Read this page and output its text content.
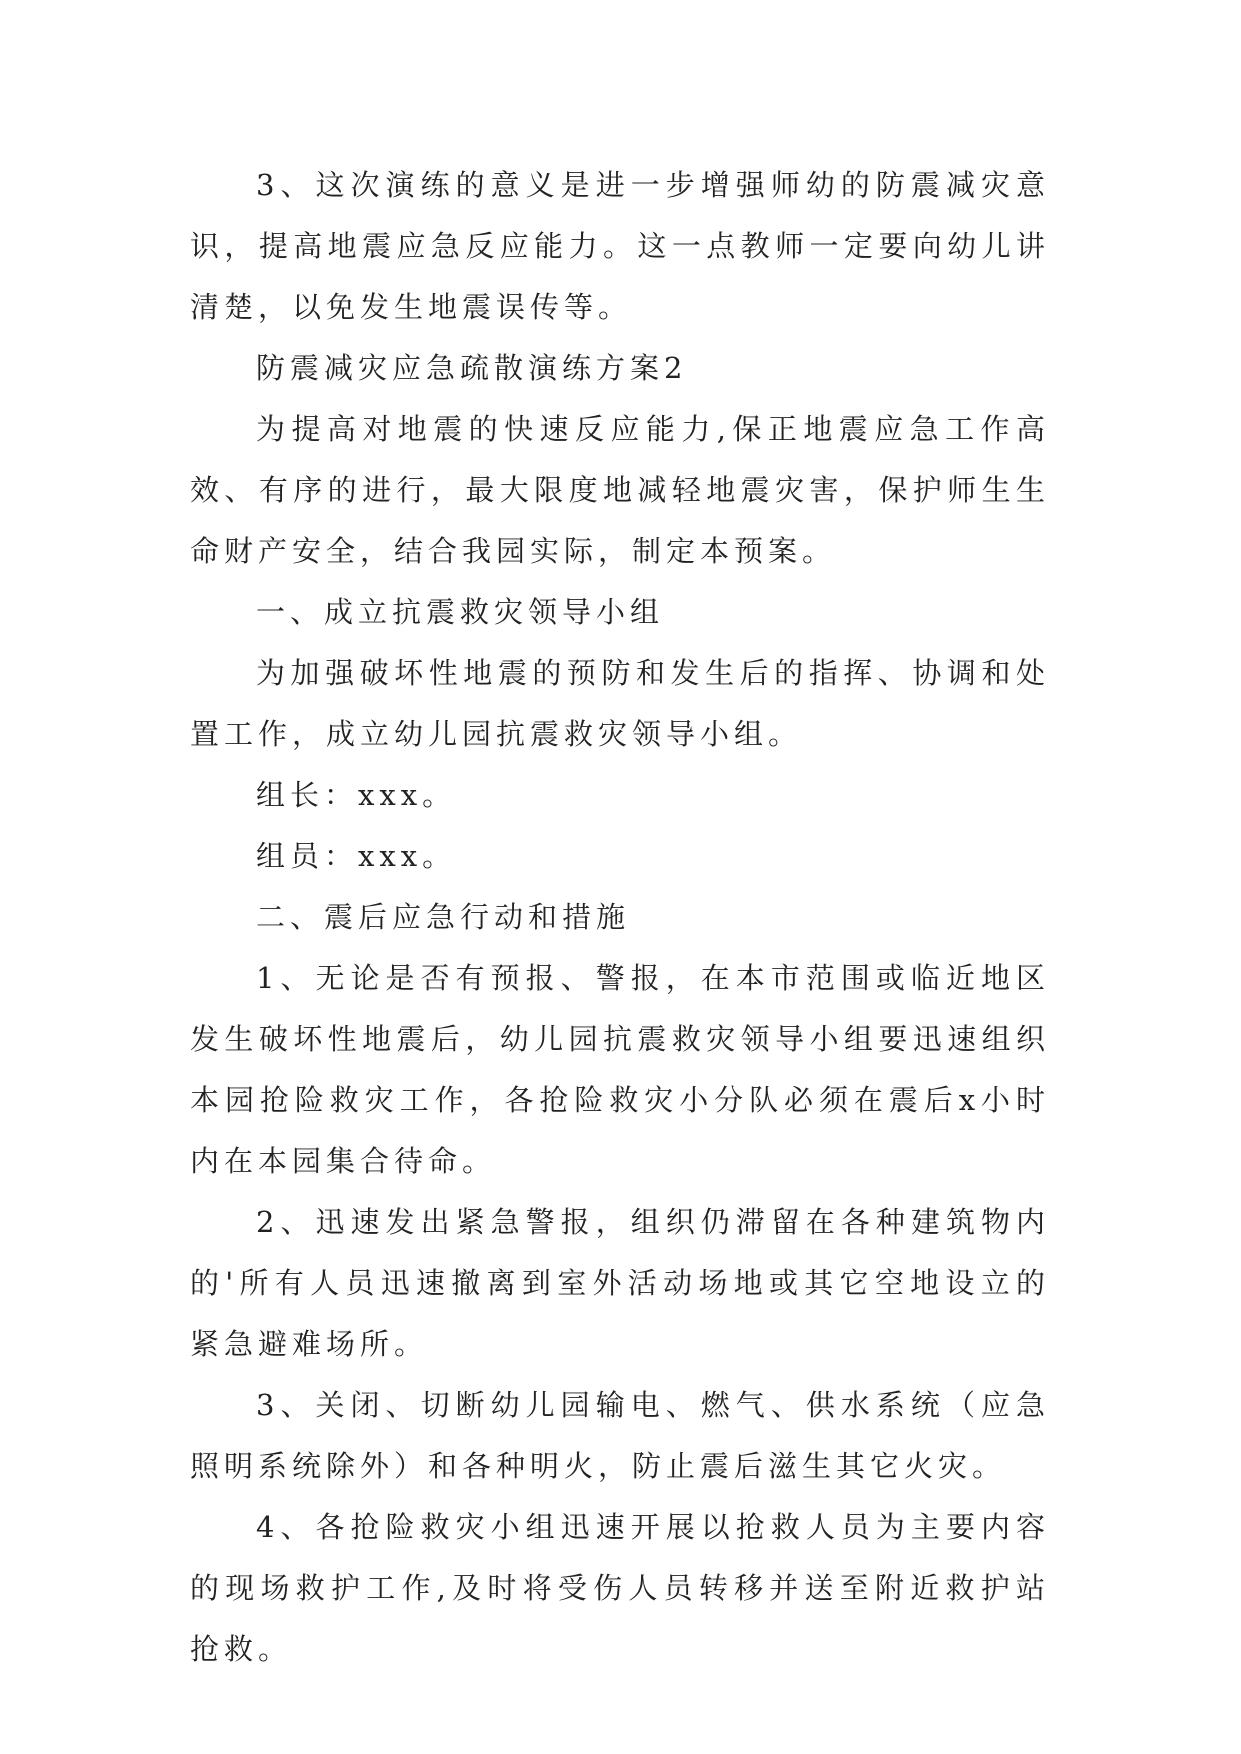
3、这次演练的意义是进一步增强师幼的防震减灾意识，提高地震应急反应能力。这一点教师一定要向幼儿讲清楚，以免发生地震误传等。

防震减灾应急疏散演练方案2

为提高对地震的快速反应能力,保正地震应急工作高效、有序的进行，最大限度地减轻地震灾害，保护师生生命财产安全，结合我园实际，制定本预案。

一、成立抗震救灾领导小组

为加强破坏性地震的预防和发生后的指挥、协调和处置工作，成立幼儿园抗震救灾领导小组。

组长：xxx。

组员：xxx。

二、震后应急行动和措施

1、无论是否有预报、警报，在本市范围或临近地区发生破坏性地震后，幼儿园抗震救灾领导小组要迅速组织本园抢险救灾工作，各抢险救灾小分队必须在震后x小时内在本园集合待命。

2、迅速发出紧急警报，组织仍滞留在各种建筑物内的'所有人员迅速撤离到室外活动场地或其它空地设立的紧急避难场所。

3、关闭、切断幼儿园输电、燃气、供水系统（应急照明系统除外）和各种明火，防止震后滋生其它火灾。

4、各抢险救灾小组迅速开展以抢救人员为主要内容的现场救护工作,及时将受伤人员转移并送至附近救护站抢救。
